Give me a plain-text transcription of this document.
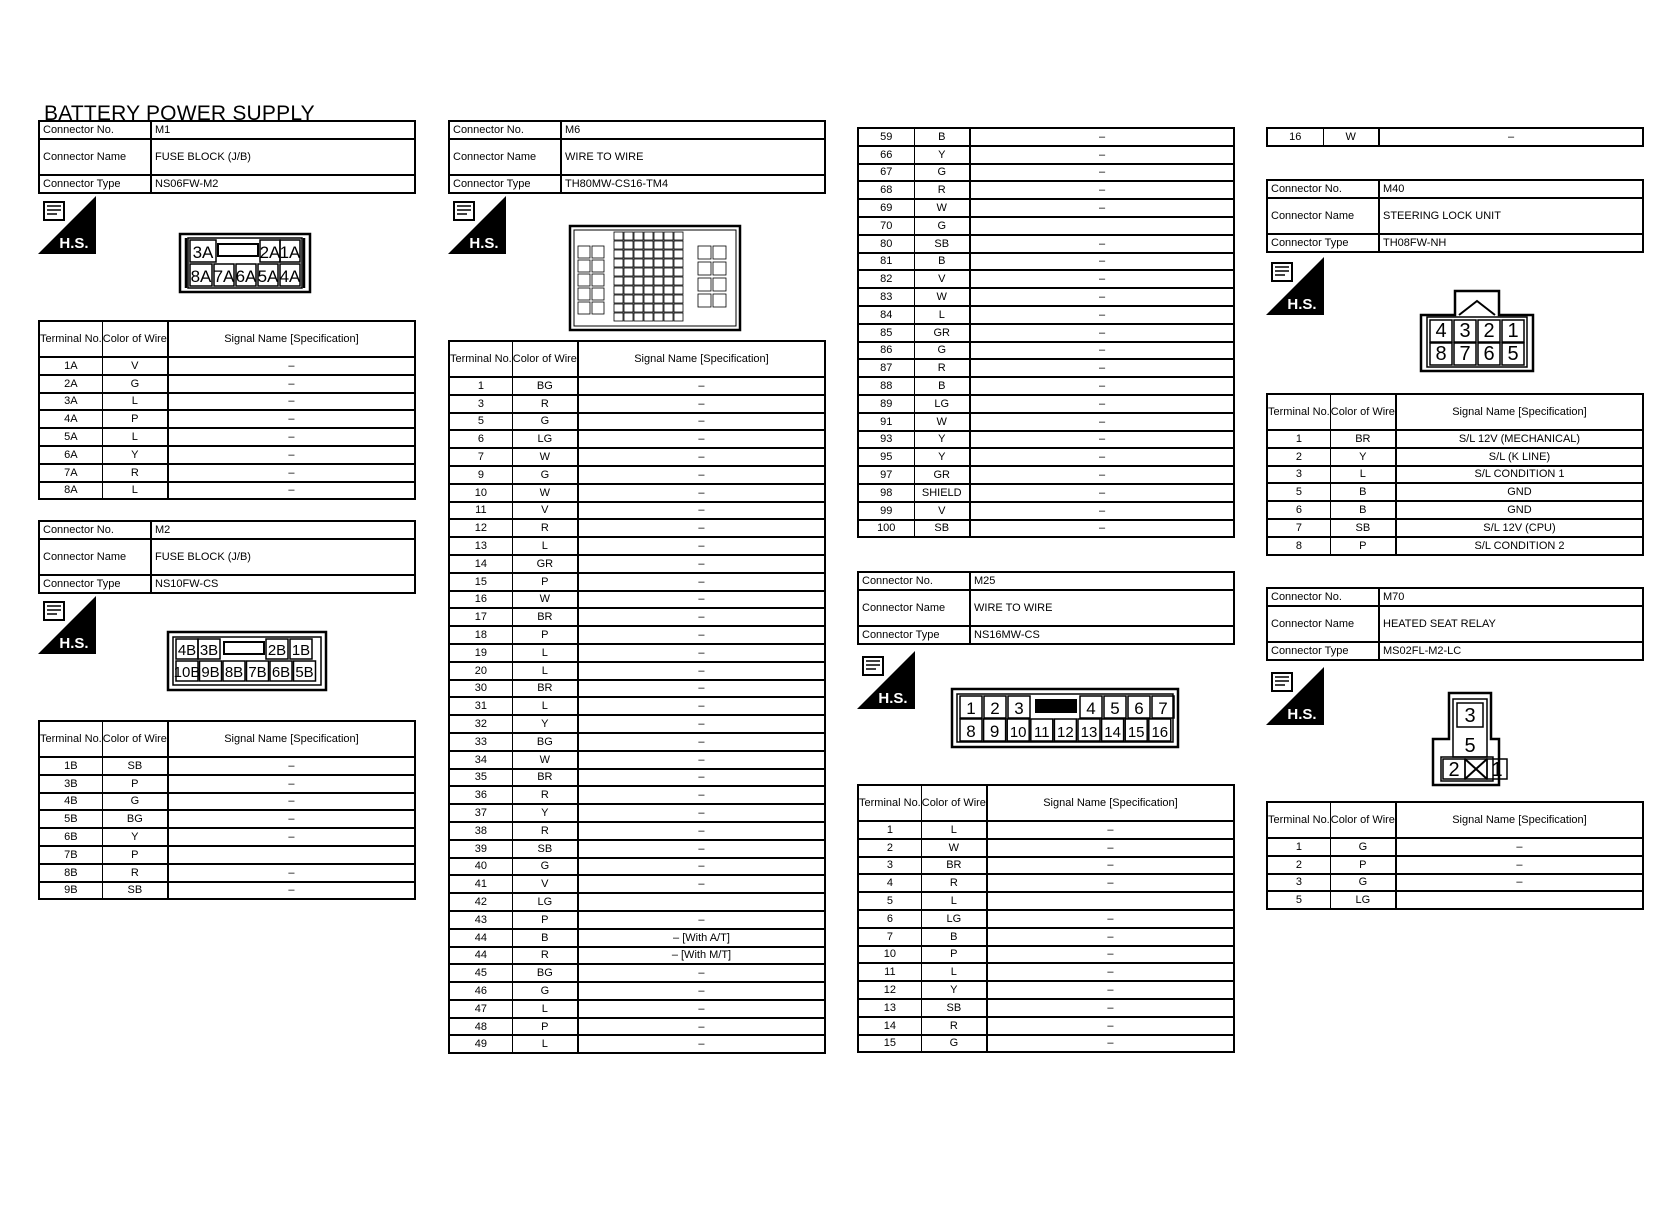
BATTERY POWER SUPPLY
Connector No.	M1
Connector Name	FUSE BLOCK (J/B)
Connector Type	NS06FW-M2
H.S.	3A	2A 1A
8A 7A 6A 5A 4A
Terminal No.	Color of Wire	Signal Name [Specification]
1A	V	–
2A	G	–
3A	L	–
4A	P	–
5A	L	–
6A	Y	–
7A	R	–
8A	L	–
Connector No.	M2
Connector Name	FUSE BLOCK (J/B)
Connector Type	NS10FW-CS
H.S.	4B 3B	2B 1B
10B 9B 8B 7B 6B 5B
Terminal No.	Color of Wire	Signal Name [Specification]
1B	SB	–
3B	P	–
4B	G	–
5B	BG	–
6B	Y	–
7B	P	
8B	R	–
9B	SB	–
Connector No.	M6
Connector Name	WIRE TO WIRE
Connector Type	TH80MW-CS16-TM4
H.S.
Terminal No.	Color of Wire	Signal Name [Specification]
1	BG	–
3	R	–
5	G	–
6	LG	–
7	W	–
9	G	–
10	W	–
11	V	–
12	R	–
13	L	–
14	GR	–
15	P	–
16	W	–
17	BR	–
18	P	–
19	L	–
20	L	–
30	BR	–
31	L	–
32	Y	–
33	BG	–
34	W	–
35	BR	–
36	R	–
37	Y	–
38	R	–
39	SB	–
40	G	–
41	V	–
42	LG	
43	P	–
44	B	– [With A/T]
44	R	– [With M/T]
45	BG	–
46	G	–
47	L	–
48	P	–
49	L	–
59	B	–
66	Y	–
67	G	–
68	R	–
69	W	–
70	G	
80	SB	–
81	B	–
82	V	–
83	W	–
84	L	–
85	GR	–
86	G	–
87	R	–
88	B	–
89	LG	–
91	W	–
93	Y	–
95	Y	–
97	GR	–
98	SHIELD	–
99	V	–
100	SB	–
Connector No.	M25
Connector Name	WIRE TO WIRE
Connector Type	NS16MW-CS
H.S.
1 2 3	4 5 6 7
8 9 10 11 12 13 14 15 16
Terminal No.	Color of Wire	Signal Name [Specification]
1	L	–
2	W	–
3	BR	–
4	R	–
5	L	
6	LG	–
7	B	–
10	P	–
11	L	–
12	Y	–
13	SB	–
14	R	–
15	G	–
16	W	–
Connector No.	M40
Connector Name	STEERING LOCK UNIT
Connector Type	TH08FW-NH
H.S.
4 3 2 1
8 7 6 5
Terminal No.	Color of Wire	Signal Name [Specification]
1	BR	S/L 12V (MECHANICAL)
2	Y	S/L (K LINE)
3	L	S/L CONDITION 1
5	B	GND
6	B	GND
7	SB	S/L 12V (CPU)
8	P	S/L CONDITION 2
Connector No.	M70
Connector Name	HEATED SEAT RELAY
Connector Type	MS02FL-M2-LC
H.S.	3
5
2 1
Terminal No.	Color of Wire	Signal Name [Specification]
1	G	–
2	P	–
3	G	–
5	LG	
